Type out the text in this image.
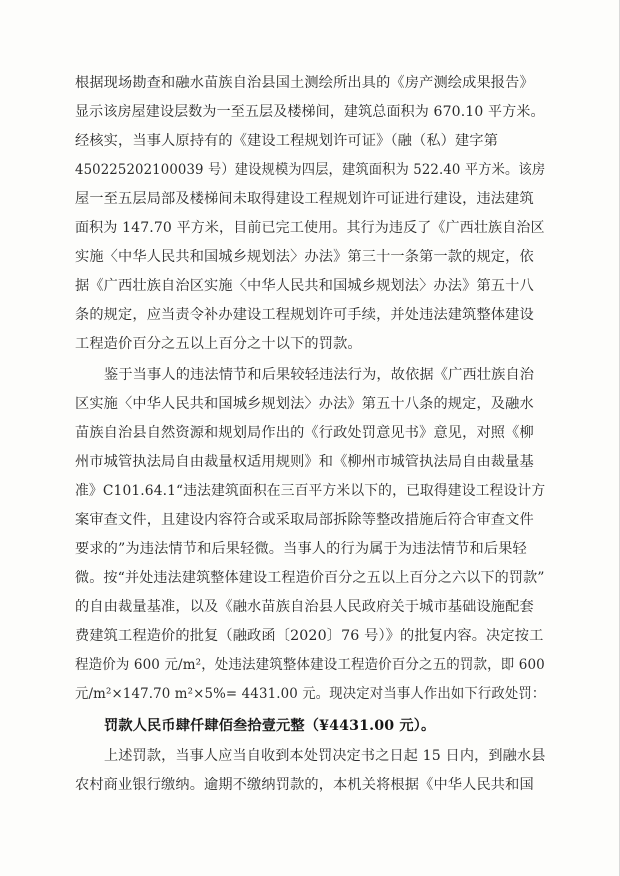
根据现场勘查和融水苗族自治县国土测绘所出具的《房产测绘成果报告》
显示该房屋建设层数为一至五层及楼梯间，建筑总面积为 670.10 平方米。
经核实，当事人原持有的《建设工程规划许可证》（融（私）建字第
450225202100039 号）建设规模为四层，建筑面积为 522.40 平方米。该房
屋一至五层局部及楼梯间未取得建设工程规划许可证进行建设，违法建筑
面积为 147.70 平方米，目前已完工使用。其行为违反了《广西壮族自治区
实施〈中华人民共和国城乡规划法〉办法》第三十一条第一款的规定，依
据《广西壮族自治区实施〈中华人民共和国城乡规划法〉办法》第五十八
条的规定，应当责令补办建设工程规划许可手续，并处违法建筑整体建设
工程造价百分之五以上百分之十以下的罚款。
鉴于当事人的违法情节和后果较轻违法行为，故依据《广西壮族自治
区实施〈中华人民共和国城乡规划法〉办法》第五十八条的规定，及融水
苗族自治县自然资源和规划局作出的《行政处罚意见书》意见，对照《柳
州市城管执法局自由裁量权适用规则》和《柳州市城管执法局自由裁量基
准》C101.64.1“违法建筑面积在三百平方米以下的，已取得建设工程设计方
案审查文件，且建设内容符合或采取局部拆除等整改措施后符合审查文件
要求的”为违法情节和后果轻微。当事人的行为属于为违法情节和后果轻
微。按“并处违法建筑整体建设工程造价百分之五以上百分之六以下的罚款”
的自由裁量基准，以及《融水苗族自治县人民政府关于城市基础设施配套
费建筑工程造价的批复（融政函〔2020〕76 号）》的批复内容。决定按工
程造价为 600 元/m²，处违法建筑整体建设工程造价百分之五的罚款，即 600
元/m²×147.70 m²×5%= 4431.00 元。现决定对当事人作出如下行政处罚：
罚款人民币肆仟肆佰叁拾壹元整（¥4431.00 元）。
上述罚款，当事人应当自收到本处罚决定书之日起 15 日内，到融水县
农村商业银行缴纳。逾期不缴纳罚款的，本机关将根据《中华人民共和国
